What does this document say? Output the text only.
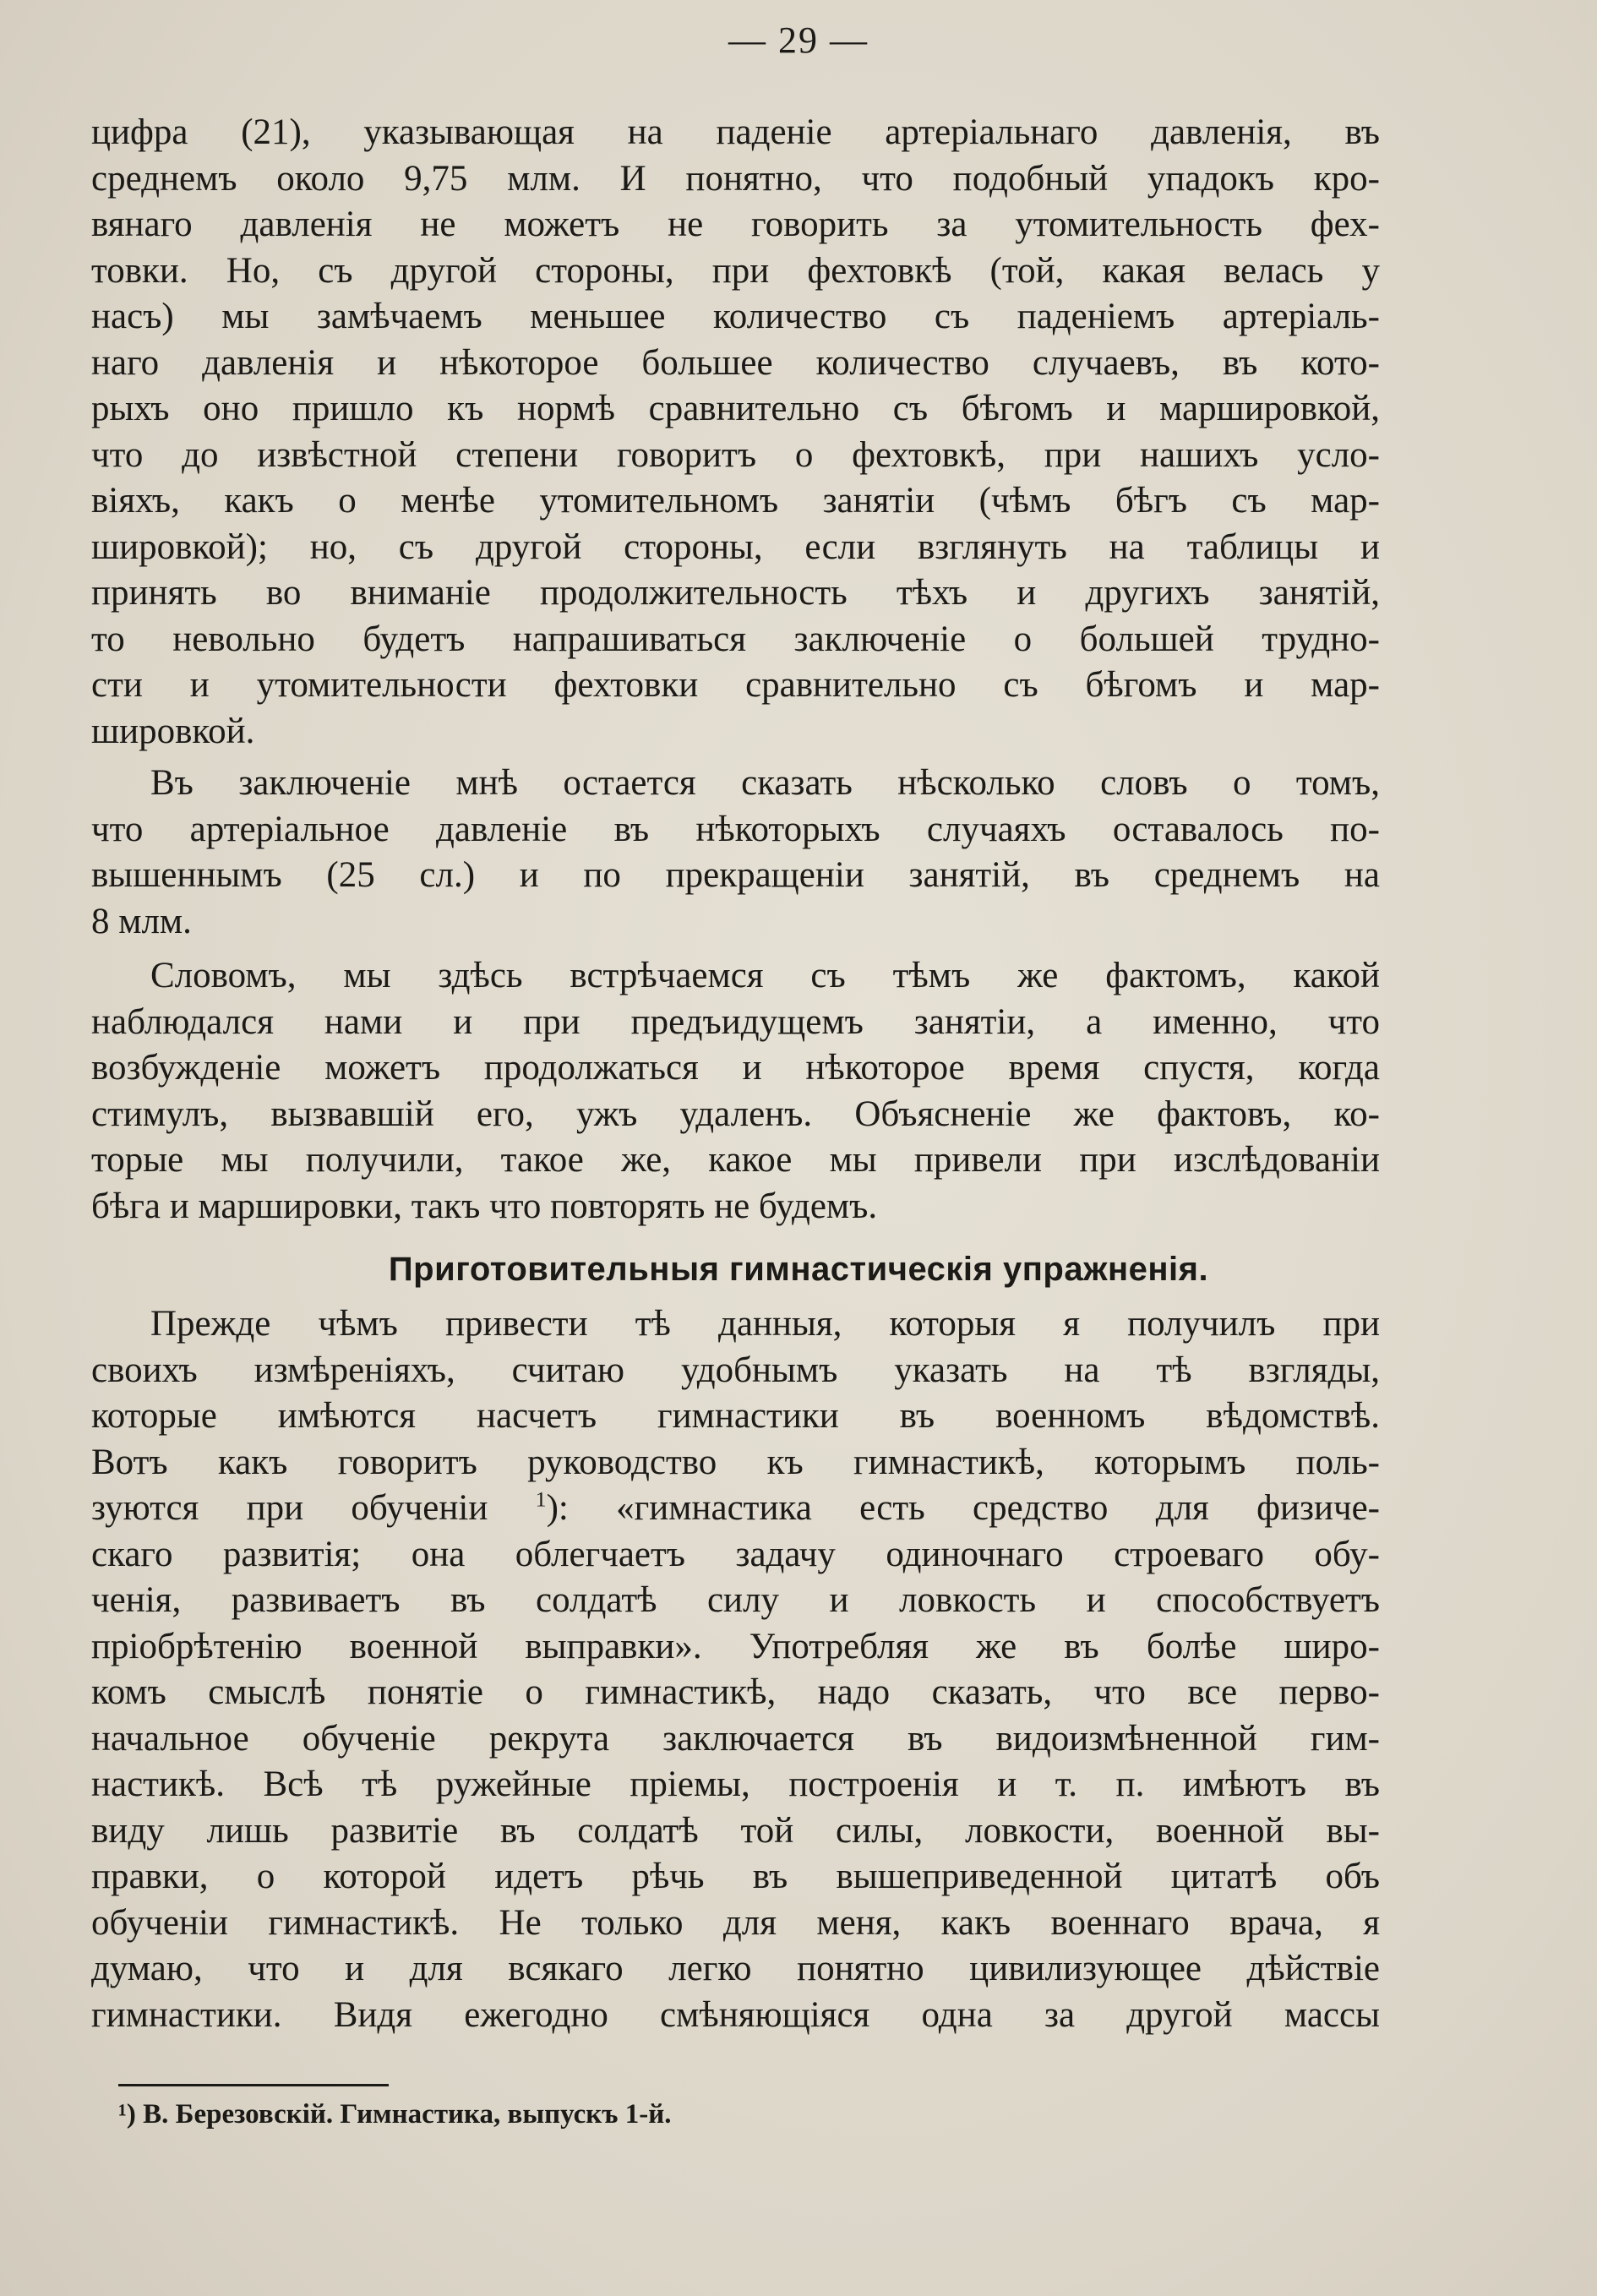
— 29 —
цифра (21), указывающая на паденіе артеріальнаго давленія, въ
среднемъ около 9,75 млм. И понятно, что подобный упадокъ кро-
вянаго давленія не можетъ не говорить за утомительность фех-
товки. Но, съ другой стороны, при фехтовкѣ (той, какая велась у
насъ) мы замѣчаемъ меньшее количество съ паденіемъ артеріаль-
наго давленія и нѣкоторое большее количество случаевъ, въ кото-
рыхъ оно пришло къ нормѣ сравнительно съ бѣгомъ и маршировкой,
что до извѣстной степени говоритъ о фехтовкѣ, при нашихъ усло-
віяхъ, какъ о менѣе утомительномъ занятіи (чѣмъ бѣгъ съ мар-
шировкой); но, съ другой стороны, если взглянуть на таблицы и
принять во вниманіе продолжительность тѣхъ и другихъ занятій,
то невольно будетъ напрашиваться заключеніе о большей трудно-
сти и утомительности фехтовки сравнительно съ бѣгомъ и мар-
шировкой.
Въ заключеніе мнѣ остается сказать нѣсколько словъ о томъ,
что артеріальное давленіе въ нѣкоторыхъ случаяхъ оставалось по-
вышеннымъ (25 сл.) и по прекращеніи занятій, въ среднемъ на
8 млм.
Словомъ, мы здѣсь встрѣчаемся съ тѣмъ же фактомъ, какой
наблюдался нами и при предъидущемъ занятіи, а именно, что
возбужденіе можетъ продолжаться и нѣкоторое время спустя, когда
стимулъ, вызвавшій его, ужъ удаленъ. Объясненіе же фактовъ, ко-
торые мы получили, такое же, какое мы привели при изслѣдованіи
бѣга и маршировки, такъ что повторять не будемъ.
Приготовительныя гимнастическія упражненія.
Прежде чѣмъ привести тѣ данныя, которыя я получилъ при
своихъ измѣреніяхъ, считаю удобнымъ указать на тѣ взгляды,
которые имѣются насчетъ гимнастики въ военномъ вѣдомствѣ.
Вотъ какъ говоритъ руководство къ гимнастикѣ, которымъ поль-
зуются при обученіи $^1$): «гимнастика есть средство для физиче-
скаго развитія; она облегчаетъ задачу одиночнаго строеваго обу-
ченія, развиваетъ въ солдатѣ силу и ловкость и способствуетъ
пріобрѣтенію военной выправки». Употребляя же въ болѣе широ-
комъ смыслѣ понятіе о гимнастикѣ, надо сказать, что все перво-
начальное обученіе рекрута заключается въ видоизмѣненной гим-
настикѣ. Всѣ тѣ ружейные пріемы, построенія и т. п. имѣютъ въ
виду лишь развитіе въ солдатѣ той силы, ловкости, военной вы-
правки, о которой идетъ рѣчь въ вышеприведенной цитатѣ объ
обученіи гимнастикѣ. Не только для меня, какъ военнаго врача, я
думаю, что и для всякаго легко понятно цивилизующее дѣйствіе
гимнастики. Видя ежегодно смѣняющіяся одна за другой массы
¹) В. Березовскій. Гимнастика, выпускъ 1-й.
